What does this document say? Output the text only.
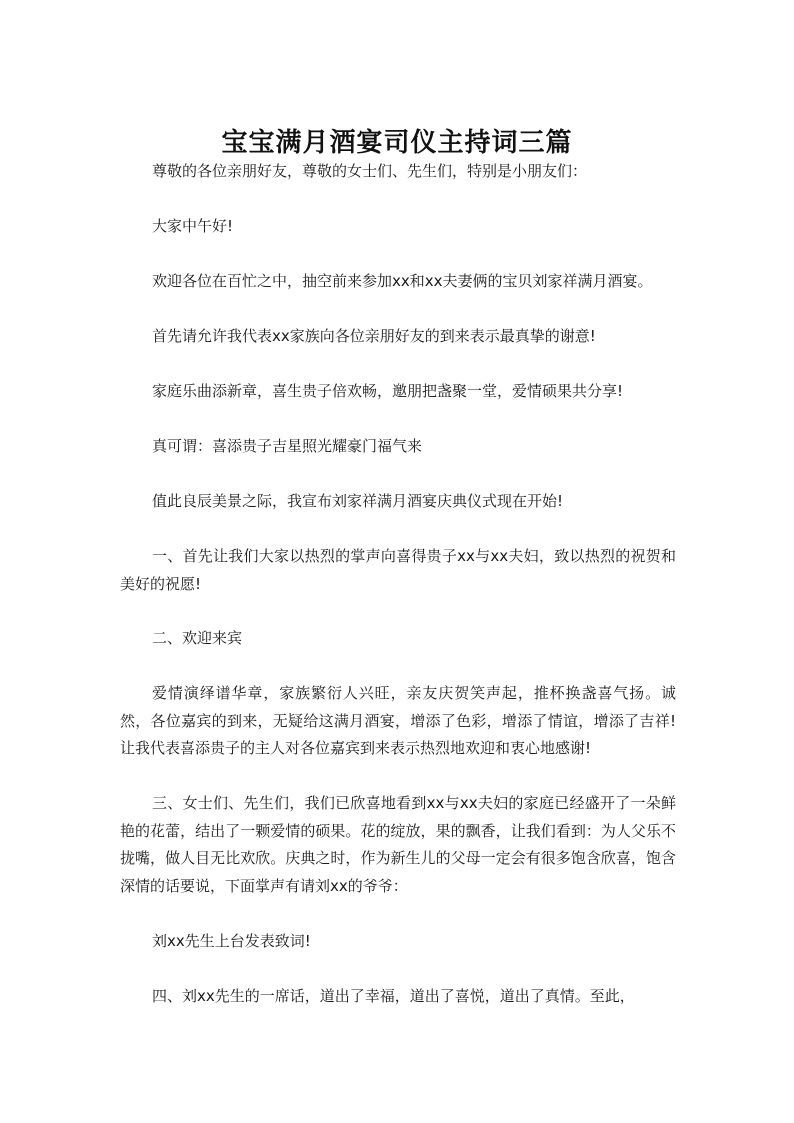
宝宝满月酒宴司仪主持词三篇

尊敬的各位亲朋好友，尊敬的女士们、先生们，特别是小朋友们：

大家中午好!

欢迎各位在百忙之中，抽空前来参加xx和xx夫妻俩的宝贝刘家祥满月酒宴。

首先请允许我代表xx家族向各位亲朋好友的到来表示最真挚的谢意!

家庭乐曲添新章，喜生贵子倍欢畅，邀朋把盏聚一堂，爱情硕果共分享!

真可谓：喜添贵子吉星照光耀豪门福气来

值此良辰美景之际，我宣布刘家祥满月酒宴庆典仪式现在开始!

一、首先让我们大家以热烈的掌声向喜得贵子xx与xx夫妇，致以热烈的祝贺和美好的祝愿!

二、欢迎来宾

爱情演绎谱华章，家族繁衍人兴旺，亲友庆贺笑声起，推杯换盏喜气扬。诚然，各位嘉宾的到来，无疑给这满月酒宴，增添了色彩，增添了情谊，增添了吉祥!让我代表喜添贵子的主人对各位嘉宾到来表示热烈地欢迎和衷心地感谢!

三、女士们、先生们，我们已欣喜地看到xx与xx夫妇的家庭已经盛开了一朵鲜艳的花蕾，结出了一颗爱情的硕果。花的绽放，果的飘香，让我们看到：为人父乐不拢嘴，做人目无比欢欣。庆典之时，作为新生儿的父母一定会有很多饱含欣喜，饱含深情的话要说，下面掌声有请刘xx的爷爷：

刘xx先生上台发表致词!

四、刘xx先生的一席话，道出了幸福，道出了喜悦，道出了真情。至此，
